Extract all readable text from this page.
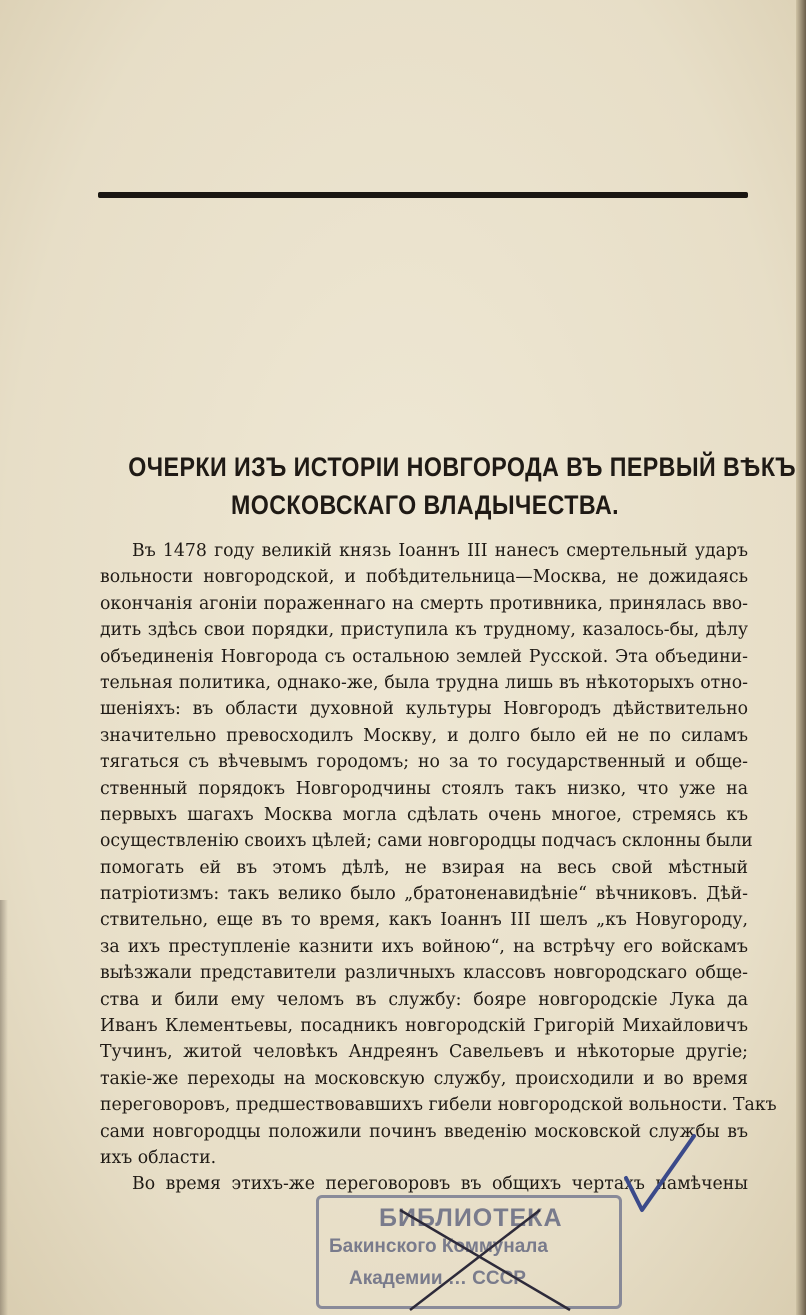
ОЧЕРКИ ИЗЪ ИСТОРІИ НОВГОРОДА ВЪ ПЕРВЫЙ ВѢКЪ
МОСКОВСКАГО ВЛАДЫЧЕСТВА.
Въ 1478 году великій князь Іоаннъ III нанесъ смертельный ударъ
вольности новгородской, и побѣдительница—Москва, не дожидаясь
окончанія агоніи пораженнаго на смерть противника, принялась вво-
дить здѣсь свои порядки, приступила къ трудному, казалось-бы, дѣлу
объединенія Новгорода съ остальною землей Русской. Эта объедини-
тельная политика, однако-же, была трудна лишь въ нѣкоторыхъ отно-
шеніяхъ: въ области духовной культуры Новгородъ дѣйствительно
значительно превосходилъ Москву, и долго было ей не по силамъ
тягаться съ вѣчевымъ городомъ; но за то государственный и обще-
ственный порядокъ Новгородчины стоялъ такъ низко, что уже на
первыхъ шагахъ Москва могла сдѣлать очень многое, стремясь къ
осуществленію своихъ цѣлей; сами новгородцы подчасъ склонны были
помогать ей въ этомъ дѣлѣ, не взирая на весь свой мѣстный
патріотизмъ: такъ велико было „братоненавидѣніе“ вѣчниковъ. Дѣй-
ствительно, еще въ то время, какъ Іоаннъ III шелъ „къ Новугороду,
за ихъ преступленіе казнити ихъ войною“, на встрѣчу его войскамъ
выѣзжали представители различныхъ классовъ новгородскаго обще-
ства и били ему челомъ въ службу: бояре новгородскіе Лука да
Иванъ Клементьевы, посадникъ новгородскій Григорій Михайловичъ
Тучинъ, житой человѣкъ Андреянъ Савельевъ и нѣкоторые другіе;
такіе-же переходы на московскую службу, происходили и во время
переговоровъ, предшествовавшихъ гибели новгородской вольности. Такъ
сами новгородцы положили починъ введенію московской службы въ
ихъ области.
Во время этихъ-же переговоровъ въ общихъ чертахъ намѣчены
БИБЛИОТЕКА
Бакинского Коммунала
Академии … СССР
